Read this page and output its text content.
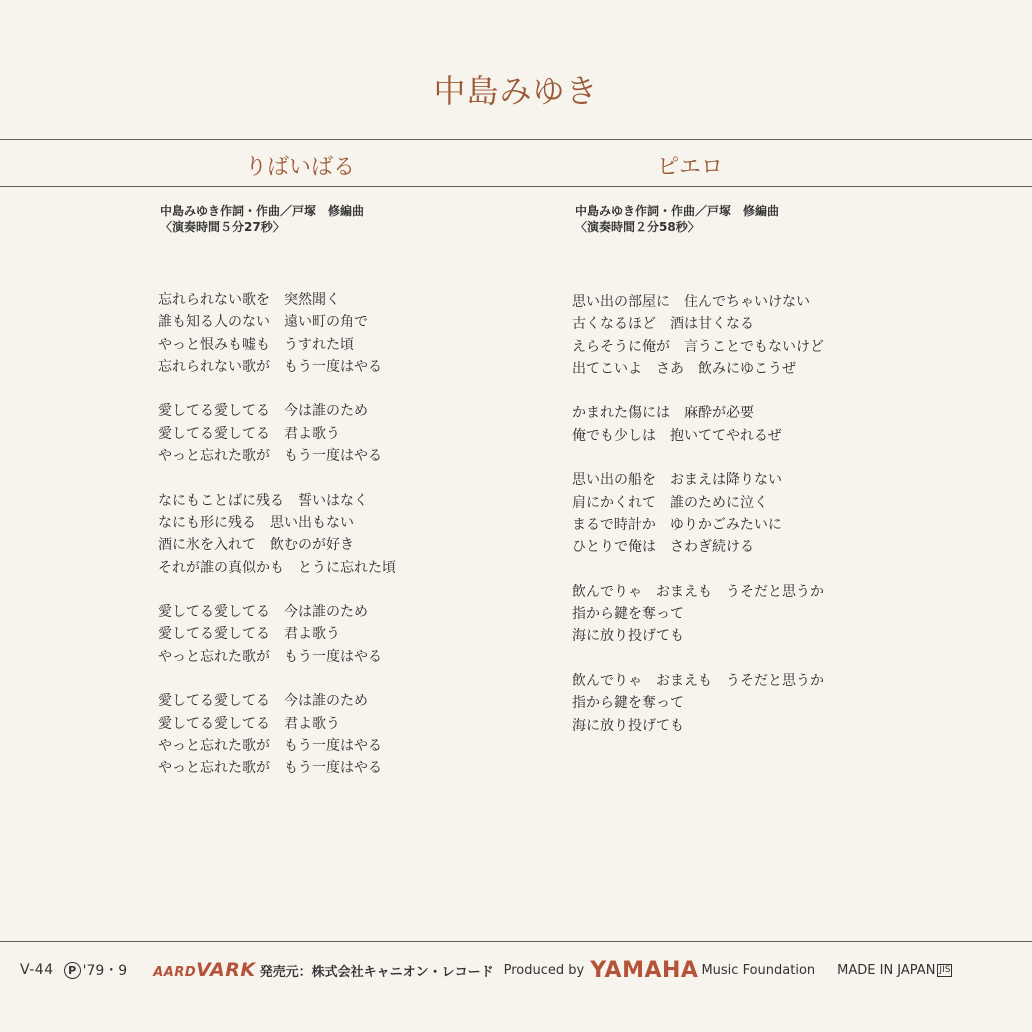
中島みゆき
りばいばる	ピエロ
中島みゆき作詞・作曲／戸塚　修編曲
〈演奏時間５分27秒〉
中島みゆき作詞・作曲／戸塚　修編曲
〈演奏時間２分58秒〉
忘れられない歌を　突然聞く
誰も知る人のない　遠い町の角で
やっと恨みも嘘も　うすれた頃
忘れられない歌が　もう一度はやる
愛してる愛してる　今は誰のため
愛してる愛してる　君よ歌う
やっと忘れた歌が　もう一度はやる
なにもことばに残る　誓いはなく
なにも形に残る　思い出もない
酒に氷を入れて　飲むのが好き
それが誰の真似かも　とうに忘れた頃
愛してる愛してる　今は誰のため
愛してる愛してる　君よ歌う
やっと忘れた歌が　もう一度はやる
愛してる愛してる　今は誰のため
愛してる愛してる　君よ歌う
やっと忘れた歌が　もう一度はやる
やっと忘れた歌が　もう一度はやる
思い出の部屋に　住んでちゃいけない
古くなるほど　酒は甘くなる
えらそうに俺が　言うことでもないけど
出てこいよ　さあ　飲みにゆこうぜ
かまれた傷には　麻酔が必要
俺でも少しは　抱いててやれるぜ
思い出の船を　おまえは降りない
肩にかくれて　誰のために泣く
まるで時計か　ゆりかごみたいに
ひとりで俺は　さわぎ続ける
飲んでりゃ　おまえも　うそだと思うか
指から鍵を奪って
海に放り投げても
飲んでりゃ　おまえも　うそだと思うか
指から鍵を奪って
海に放り投げても
V-44	P '79・9 AARDVARK 発売元：株式会社キャニオン・レコード Produced by YAMAHA Music Foundation MADE IN JAPAN JIS
